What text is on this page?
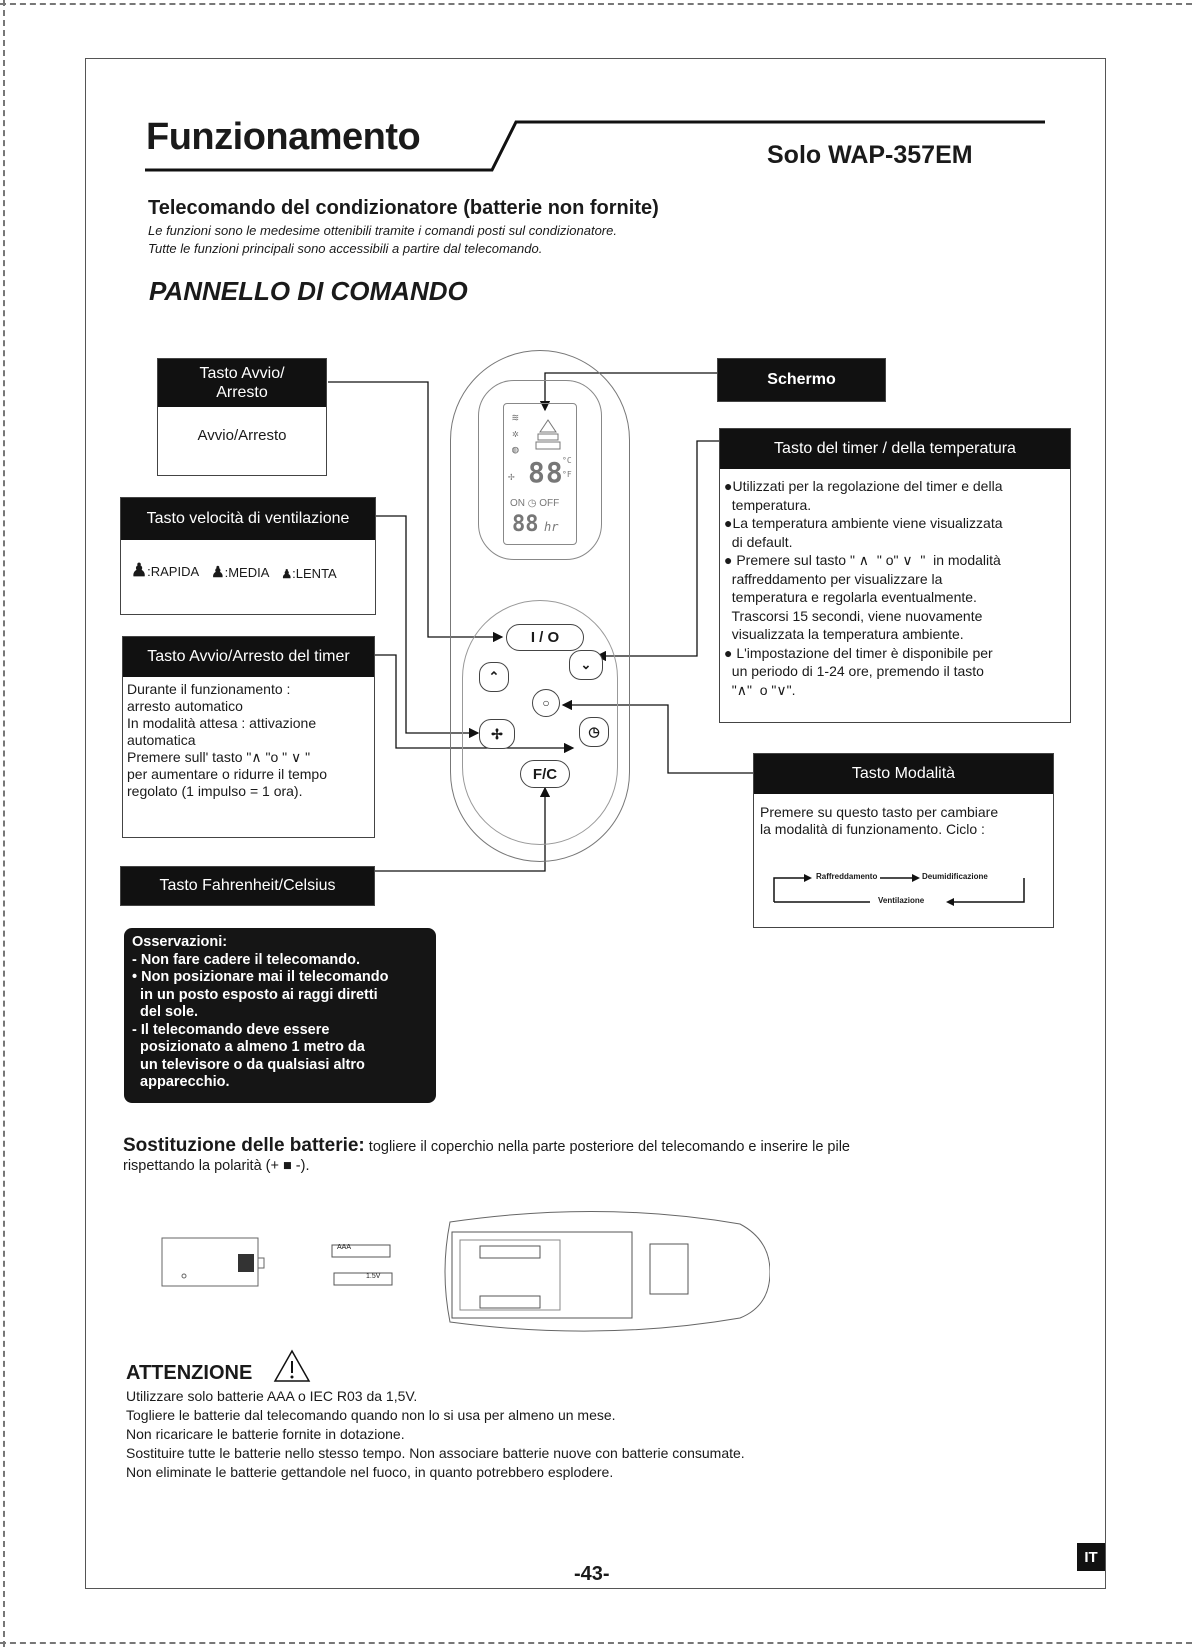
Funzionamento	Solo WAP-357EM
Telecomando del condizionatore (batterie non fornite)
Le funzioni sono le medesime ottenibili tramite i comandi posti sul condizionatore.
Tutte le funzioni principali sono accessibili a partire dal telecomando.
PANNELLO DI COMANDO
≋
✲
◍
88
°C
°F
✢
ON ◷ OFF
88 hr
I / O
⌃
⌄
○
✢	◷
F/C
Tasto Avvio/ Arresto
Avvio/Arresto
Tasto velocità di ventilazione
♟:RAPIDA ♟:MEDIA ♟:LENTA
Tasto Avvio/Arresto del timer
Durante il funzionamento :
arresto automatico
In modalità attesa : attivazione
automatica
Premere sull' tasto "∧ "o " ∨ "
per aumentare o ridurre il tempo
regolato (1 impulso = 1 ora).
Tasto Fahrenheit/Celsius
Schermo
Tasto del timer / della temperatura
●Utilizzati per la regolazione del timer e della
temperatura.
●La temperatura ambiente viene visualizzata
di default.
● Premere sul tasto " ∧  " o" ∨  "  in modalità
raffreddamento per visualizzare la
temperatura e regolarla eventualmente.
Trascorsi 15 secondi, viene nuovamente
visualizzata la temperatura ambiente.
● L'impostazione del timer è disponibile per
un periodo di 1-24 ore, premendo il tasto
"∧"  o "∨".
Tasto Modalità
Premere su questo tasto per cambiare
la modalità di funzionamento. Ciclo :
Raffreddamento	Deumidificazione
Ventilazione
Osservazioni:
- Non fare cadere il telecomando.
• Non posizionare mai il telecomando
in un posto esposto ai raggi diretti
del sole.
- Il telecomando deve essere
posizionato a almeno 1 metro da
un televisore o da qualsiasi altro
apparecchio.
Sostituzione delle batterie: togliere il coperchio nella parte posteriore del telecomando e inserire le pile
rispettando la polarità (+ ■ -).
AAA
1.5V
ATTENZIONE
Utilizzare solo batterie AAA o IEC R03 da 1,5V.
Togliere le batterie dal telecomando quando non lo si usa per almeno un mese.
Non ricaricare le batterie fornite in dotazione.
Sostituire tutte le batterie nello stesso tempo. Non associare batterie nuove con batterie consumate.
Non eliminate le batterie gettandole nel fuoco, in quanto potrebbero esplodere.
-43-
IT
